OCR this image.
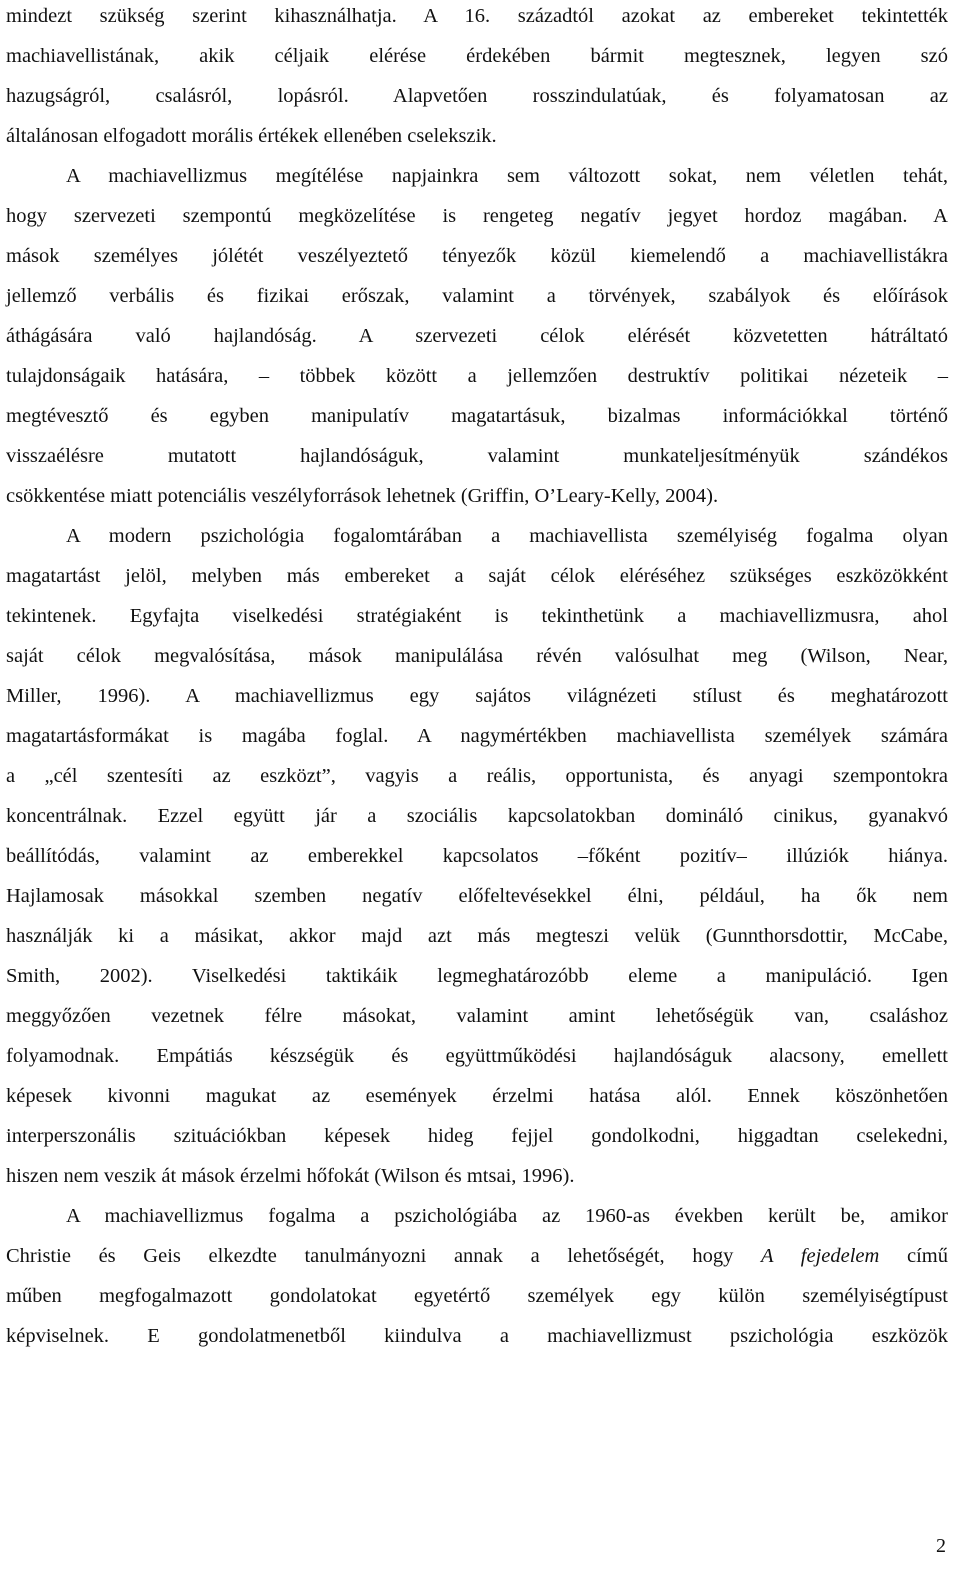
mindezt szükség szerint kihasználhatja. A 16. századtól azokat az embereket tekintették
machiavellistának, akik céljaik elérése érdekében bármit megtesznek, legyen szó
hazugságról, csalásról, lopásról. Alapvetően rosszindulatúak, és folyamatosan az
általánosan elfogadott morális értékek ellenében cselekszik.
A machiavellizmus megítélése napjainkra sem változott sokat, nem véletlen tehát,
hogy szervezeti szempontú megközelítése is rengeteg negatív jegyet hordoz magában. A
mások személyes jólétét veszélyeztető tényezők közül kiemelendő a machiavellistákra
jellemző verbális és fizikai erőszak, valamint a törvények, szabályok és előírások
áthágására való hajlandóság. A szervezeti célok elérését közvetetten hátráltató
tulajdonságaik hatására, – többek között a jellemzően destruktív politikai nézeteik –
megtévesztő és egyben manipulatív magatartásuk, bizalmas információkkal történő
visszaélésre mutatott hajlandóságuk, valamint munkateljesítményük szándékos
csökkentése miatt potenciális veszélyforrások lehetnek (Griffin, O’Leary-Kelly, 2004).
A modern pszichológia fogalomtárában a machiavellista személyiség fogalma olyan
magatartást jelöl, melyben más embereket a saját célok eléréséhez szükséges eszközökként
tekintenek. Egyfajta viselkedési stratégiaként is tekinthetünk a machiavellizmusra, ahol
saját célok megvalósítása, mások manipulálása révén valósulhat meg (Wilson, Near,
Miller, 1996). A machiavellizmus egy sajátos világnézeti stílust és meghatározott
magatartásformákat is magába foglal. A nagymértékben machiavellista személyek számára
a „cél szentesíti az eszközt”, vagyis a reális, opportunista, és anyagi szempontokra
koncentrálnak. Ezzel együtt jár a szociális kapcsolatokban domináló cinikus, gyanakvó
beállítódás, valamint az emberekkel kapcsolatos –főként pozitív– illúziók hiánya.
Hajlamosak másokkal szemben negatív előfeltevésekkel élni, például, ha ők nem
használják ki a másikat, akkor majd azt más megteszi velük (Gunnthorsdottir, McCabe,
Smith, 2002). Viselkedési taktikáik legmeghatározóbb eleme a manipuláció. Igen
meggyőzően vezetnek félre másokat, valamint amint lehetőségük van, csaláshoz
folyamodnak. Empátiás készségük és együttműködési hajlandóságuk alacsony, emellett
képesek kivonni magukat az események érzelmi hatása alól. Ennek köszönhetően
interperszonális szituációkban képesek hideg fejjel gondolkodni, higgadtan cselekedni,
hiszen nem veszik át mások érzelmi hőfokát (Wilson és mtsai, 1996).
A machiavellizmus fogalma a pszichológiába az 1960-as években került be, amikor
Christie és Geis elkezdte tanulmányozni annak a lehetőségét, hogy A fejedelem című
műben megfogalmazott gondolatokat egyetértő személyek egy külön személyiségtípust
képviselnek. E gondolatmenetből kiindulva a machiavellizmust pszichológia eszközök
2
